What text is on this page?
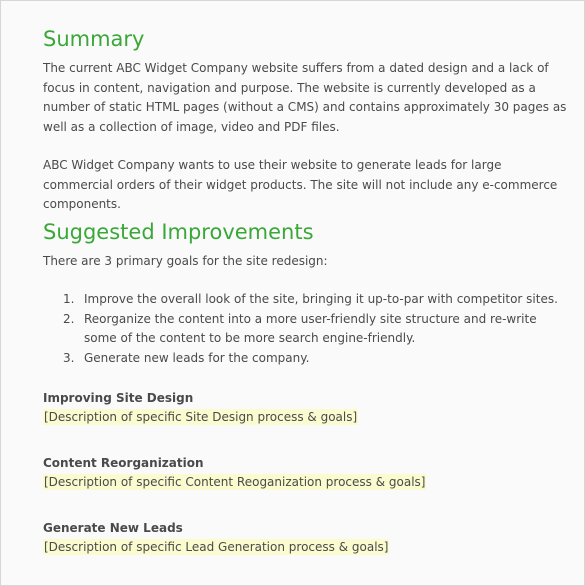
Summary

The current ABC Widget Company website suffers from a dated design and a lack of focus in content, navigation and purpose. The website is currently developed as a number of static HTML pages (without a CMS) and contains approximately 30 pages as well as a collection of image, video and PDF files.

ABC Widget Company wants to use their website to generate leads for large commercial orders of their widget products. The site will not include any e-commerce components.

Suggested Improvements

There are 3 primary goals for the site redesign:

1. Improve the overall look of the site, bringing it up-to-par with competitor sites.
2. Reorganize the content into a more user-friendly site structure and re-write some of the content to be more search engine-friendly.
3. Generate new leads for the company.
Improving Site Design
[Description of specific Site Design process & goals]
Content Reorganization
[Description of specific Content Reoganization process & goals]
Generate New Leads
[Description of specific Lead Generation process & goals]
